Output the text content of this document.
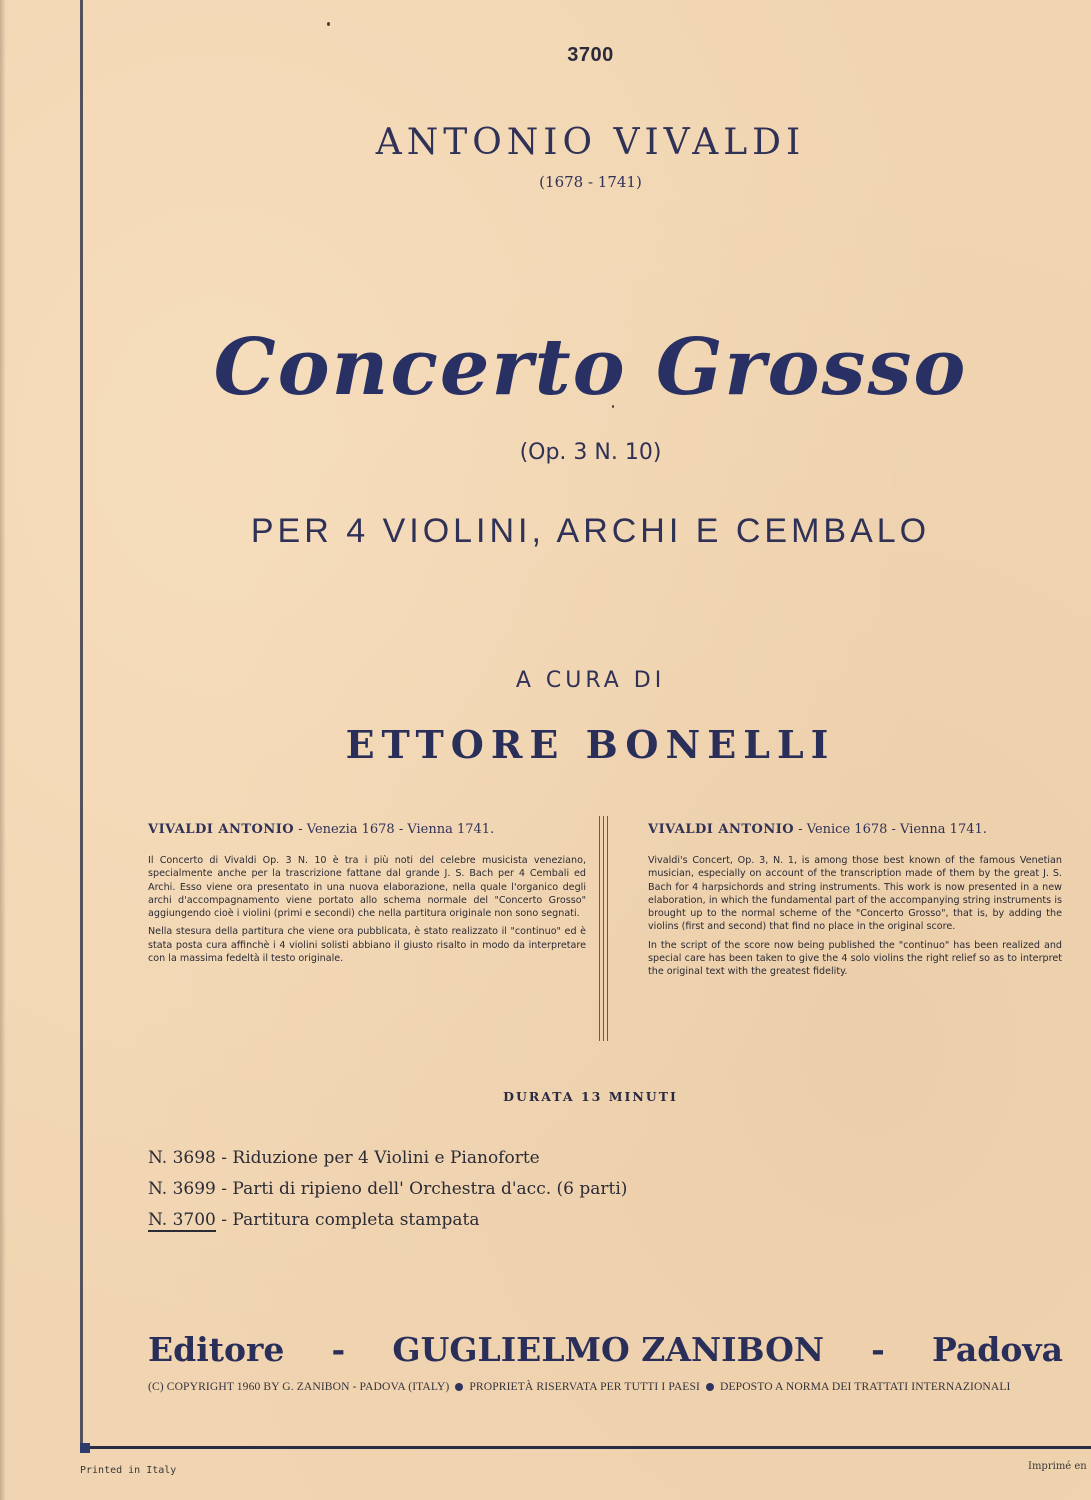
3700
ANTONIO VIVALDI
(1678 - 1741)
Concerto Grosso
(Op. 3 N. 10)
PER 4 VIOLINI, ARCHI E CEMBALO
A CURA DI
ETTORE BONELLI
VIVALDI ANTONIO - Venezia 1678 - Vienna 1741.

Il Concerto di Vivaldi Op. 3 N. 10 è tra i più noti del celebre musicista veneziano, specialmente anche per la trascrizione fattane dal grande J. S. Bach per 4 Cembali ed Archi. Esso viene ora presentato in una nuova elaborazione, nella quale l'organico degli archi d'accompagnamento viene portato allo schema normale del "Concerto Grosso" aggiungendo cioè i violini (primi e secondi) che nella partitura originale non sono segnati.

Nella stesura della partitura che viene ora pubblicata, è stato realizzato il "continuo" ed è stata posta cura affinchè i 4 violini solisti abbiano il giusto risalto in modo da interpretare con la massima fedeltà il testo originale.

VIVALDI ANTONIO - Venice 1678 - Vienna 1741.

Vivaldi's Concert, Op. 3, N. 1, is among those best known of the famous Venetian musician, especially on account of the transcription made of them by the great J. S. Bach for 4 harpsichords and string instruments. This work is now presented in a new elaboration, in which the fundamental part of the accompanying string instruments is brought up to the normal scheme of the "Concerto Grosso", that is, by adding the violins (first and second) that find no place in the original score.

In the script of the score now being published the "continuo" has been realized and special care has been taken to give the 4 solo violins the right relief so as to interpret the original text with the greatest fidelity.

DURATA 13 MINUTI
N. 3698 - Riduzione per 4 Violini e Pianoforte
N. 3699 - Parti di ripieno dell' Orchestra d'acc. (6 parti)
N. 3700 - Partitura completa stampata
Editore - GUGLIELMO ZANIBON - Padova
(C) COPYRIGHT 1960 BY G. ZANIBON - PADOVA (ITALY) PROPRIETÀ RISERVATA PER TUTTI I PAESI DEPOSTO A NORMA DEI TRATTATI INTERNAZIONALI
Printed in Italy	Imprimé en
